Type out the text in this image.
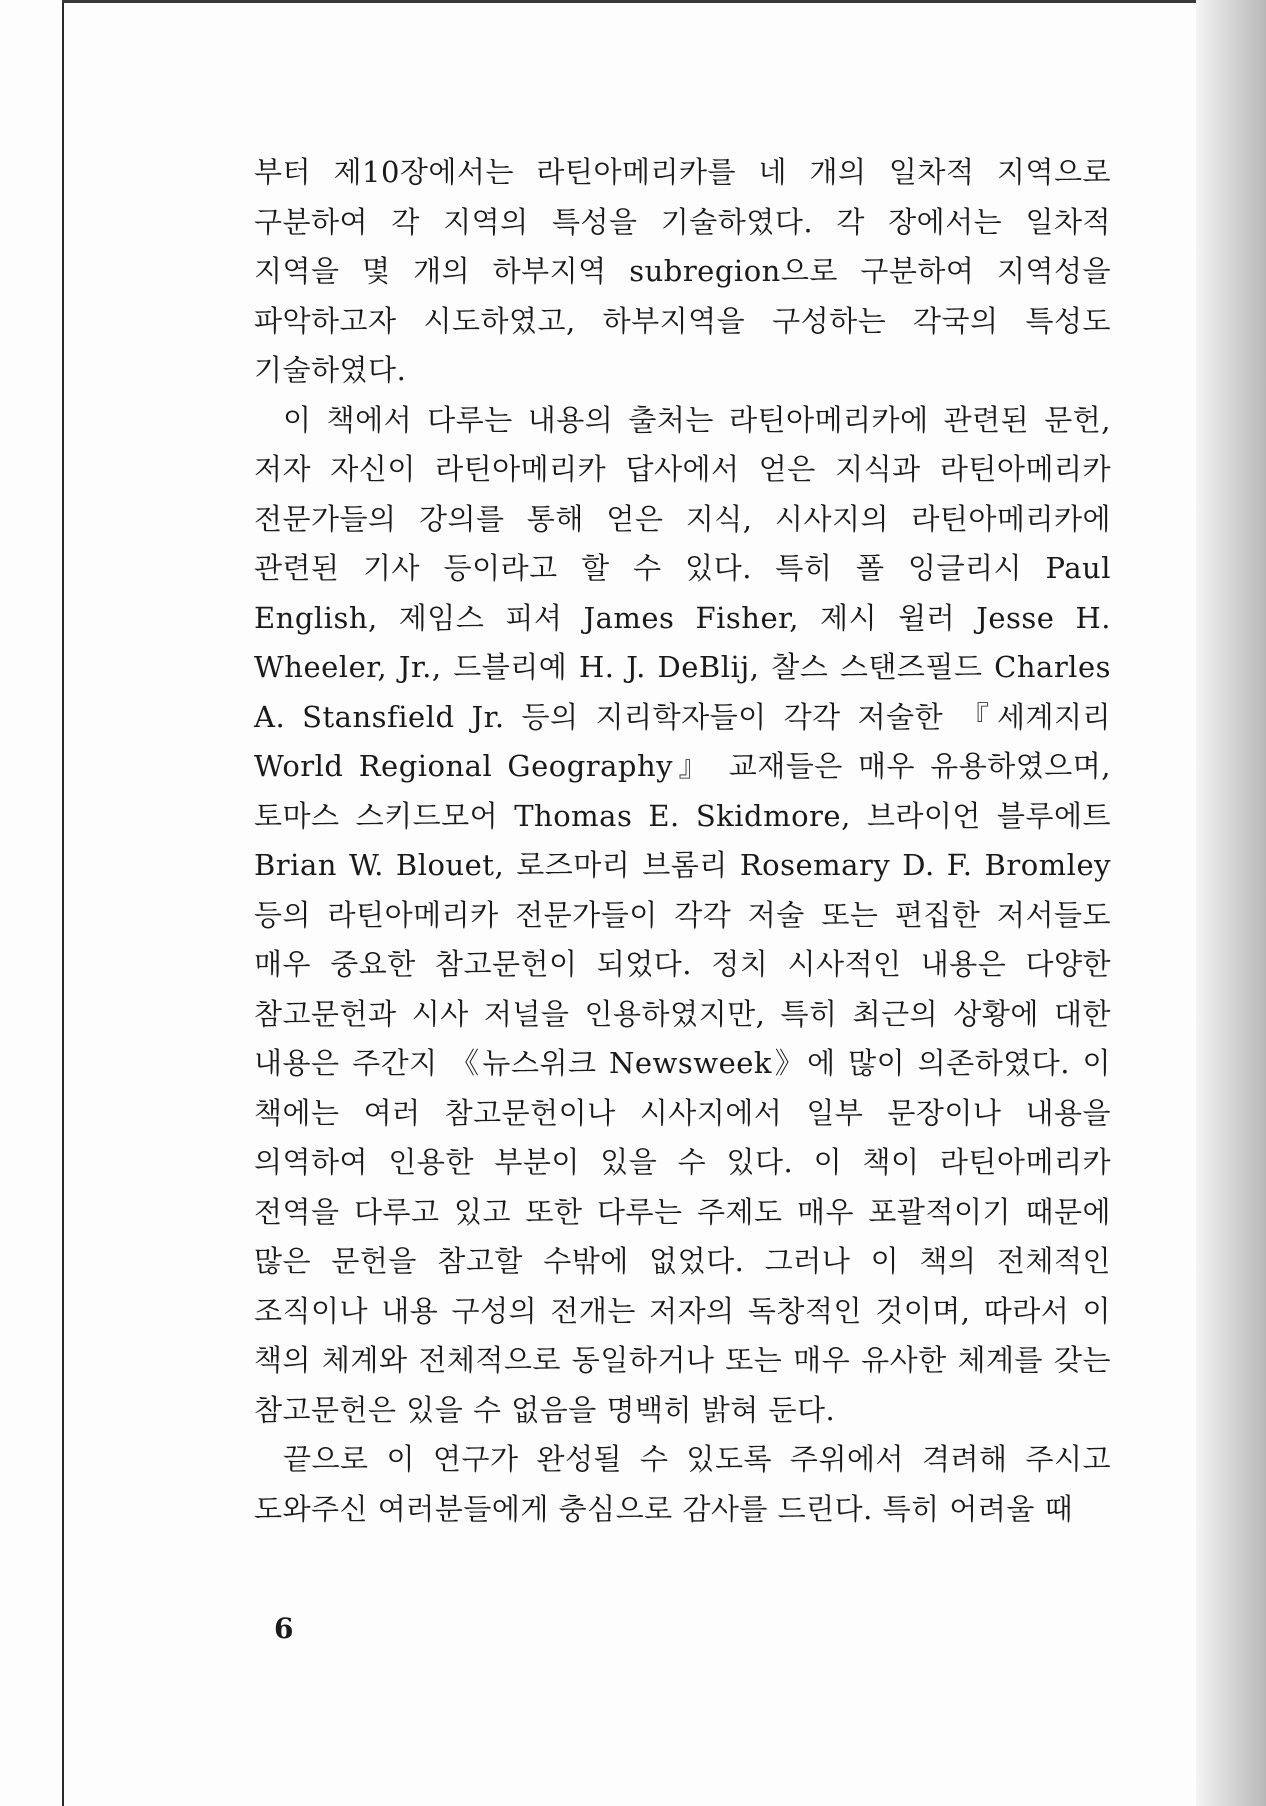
부터 제10장에서는 라틴아메리카를 네 개의 일차적 지역으로 구분하여 각 지역의 특성을 기술하였다. 각 장에서는 일차적 지역을 몇 개의 하부지역 subregion으로 구분하여 지역성을 파악하고자 시도하였고, 하부지역을 구성하는 각국의 특성도 기술하였다.

이 책에서 다루는 내용의 출처는 라틴아메리카에 관련된 문헌, 저자 자신이 라틴아메리카 답사에서 얻은 지식과 라틴아메리카 전문가들의 강의를 통해 얻은 지식, 시사지의 라틴아메리카에 관련된 기사 등이라고 할 수 있다. 특히 폴 잉글리시 Paul English, 제임스 피셔 James Fisher, 제시 윌러 Jesse H. Wheeler, Jr., 드블리예 H. J. DeBlij, 찰스 스탠즈필드 Charles A. Stansfield Jr. 등의 지리학자들이 각각 저술한 『세계지리 World Regional Geography』 교재들은 매우 유용하였으며, 토마스 스키드모어 Thomas E. Skidmore, 브라이언 블루에트 Brian W. Blouet, 로즈마리 브롬리 Rosemary D. F. Bromley 등의 라틴아메리카 전문가들이 각각 저술 또는 편집한 저서들도 매우 중요한 참고문헌이 되었다. 정치 시사적인 내용은 다양한 참고문헌과 시사 저널을 인용하였지만, 특히 최근의 상황에 대한 내용은 주간지 《뉴스위크 Newsweek》에 많이 의존하였다. 이 책에는 여러 참고문헌이나 시사지에서 일부 문장이나 내용을 의역하여 인용한 부분이 있을 수 있다. 이 책이 라틴아메리카 전역을 다루고 있고 또한 다루는 주제도 매우 포괄적이기 때문에 많은 문헌을 참고할 수밖에 없었다. 그러나 이 책의 전체적인 조직이나 내용 구성의 전개는 저자의 독창적인 것이며, 따라서 이 책의 체계와 전체적으로 동일하거나 또는 매우 유사한 체계를 갖는 참고문헌은 있을 수 없음을 명백히 밝혀 둔다.

끝으로 이 연구가 완성될 수 있도록 주위에서 격려해 주시고 도와주신 여러분들에게 충심으로 감사를 드린다. 특히 어려울 때

6
